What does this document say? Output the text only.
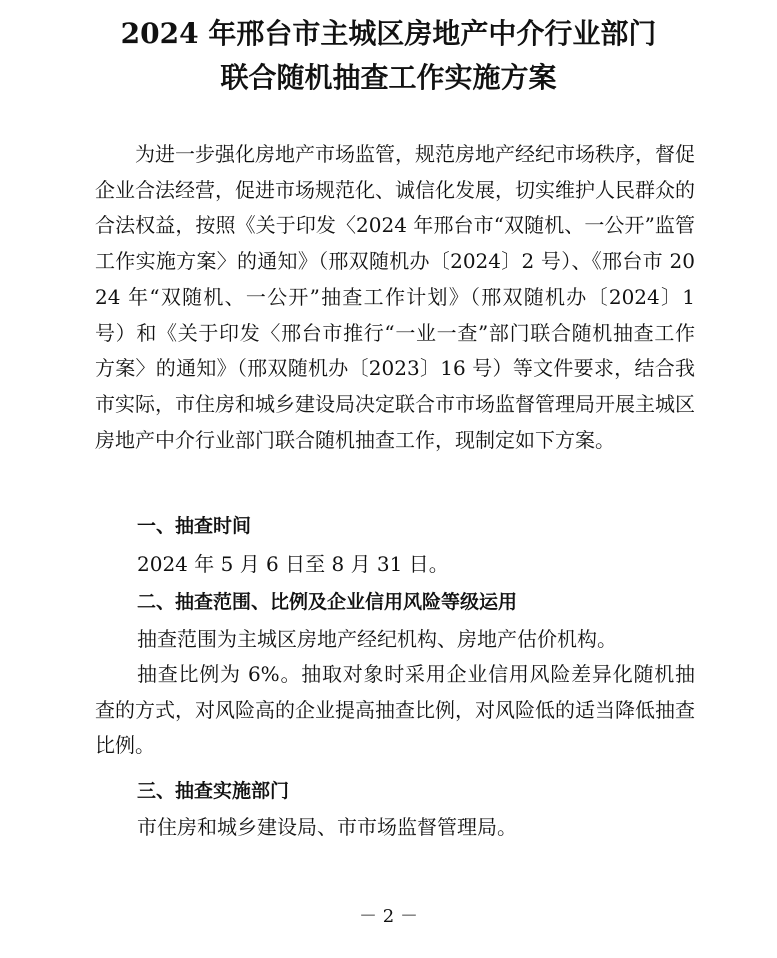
2024 年邢台市主城区房地产中介行业部门
联合随机抽查工作实施方案
为进一步强化房地产市场监管，规范房地产经纪市场秩序，督促企业合法经营，促进市场规范化、诚信化发展，切实维护人民群众的合法权益，按照《关于印发〈2024 年邢台市“双随机、一公开”监管工作实施方案〉的通知》（邢双随机办〔2024〕2 号）、《邢台市 2024 年“双随机、一公开”抽查工作计划》（邢双随机办〔2024〕1 号）和《关于印发〈邢台市推行“一业一查”部门联合随机抽查工作方案〉的通知》（邢双随机办〔2023〕16 号）等文件要求，结合我市实际，市住房和城乡建设局决定联合市市场监督管理局开展主城区房地产中介行业部门联合随机抽查工作，现制定如下方案。
一、抽查时间
2024 年 5 月 6 日至 8 月 31 日。
二、抽查范围、比例及企业信用风险等级运用
抽查范围为主城区房地产经纪机构、房地产估价机构。
抽查比例为 6%。抽取对象时采用企业信用风险差异化随机抽查的方式，对风险高的企业提高抽查比例，对风险低的适当降低抽查比例。
三、抽查实施部门
市住房和城乡建设局、市市场监督管理局。
－ 2 －
